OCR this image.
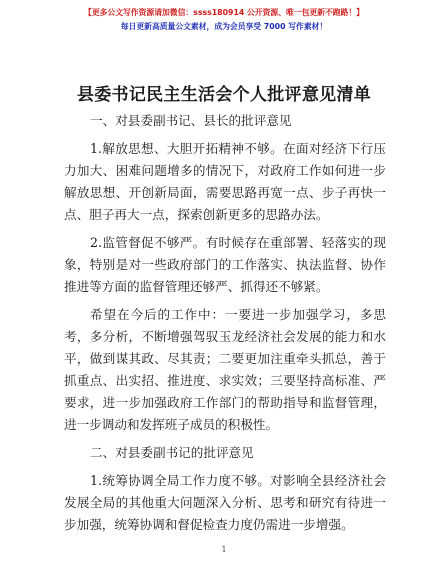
【更多公文写作资源请加微信：ssss180914 公开资源、唯一包更新不跑路！】
每日更新高质量公文素材，成为会员享受 7000 写作素材！
县委书记民主生活会个人批评意见清单

一、对县委副书记、县长的批评意见

1.解放思想、大胆开拓精神不够。在面对经济下行压力加大、困难问题增多的情况下，对政府工作如何进一步解放思想、开创新局面，需要思路再宽一点、步子再快一点、胆子再大一点，探索创新更多的思路办法。

2.监管督促不够严。有时候存在重部署、轻落实的现象，特别是对一些政府部门的工作落实、执法监督、协作推进等方面的监督管理还够严、抓得还不够紧。

希望在今后的工作中：一要进一步加强学习，多思考，多分析，不断增强驾驭玉龙经济社会发展的能力和水平，做到谋其政、尽其责；二要更加注重牵头抓总，善于抓重点、出实招、推进度、求实效；三要坚持高标准、严要求，进一步加强政府工作部门的帮助指导和监督管理，进一步调动和发挥班子成员的积极性。

二、对县委副书记的批评意见

1.统筹协调全局工作力度不够。对影响全县经济社会发展全局的其他重大问题深入分析、思考和研究有待进一步加强，统筹协调和督促检查力度仍需进一步增强。

1
